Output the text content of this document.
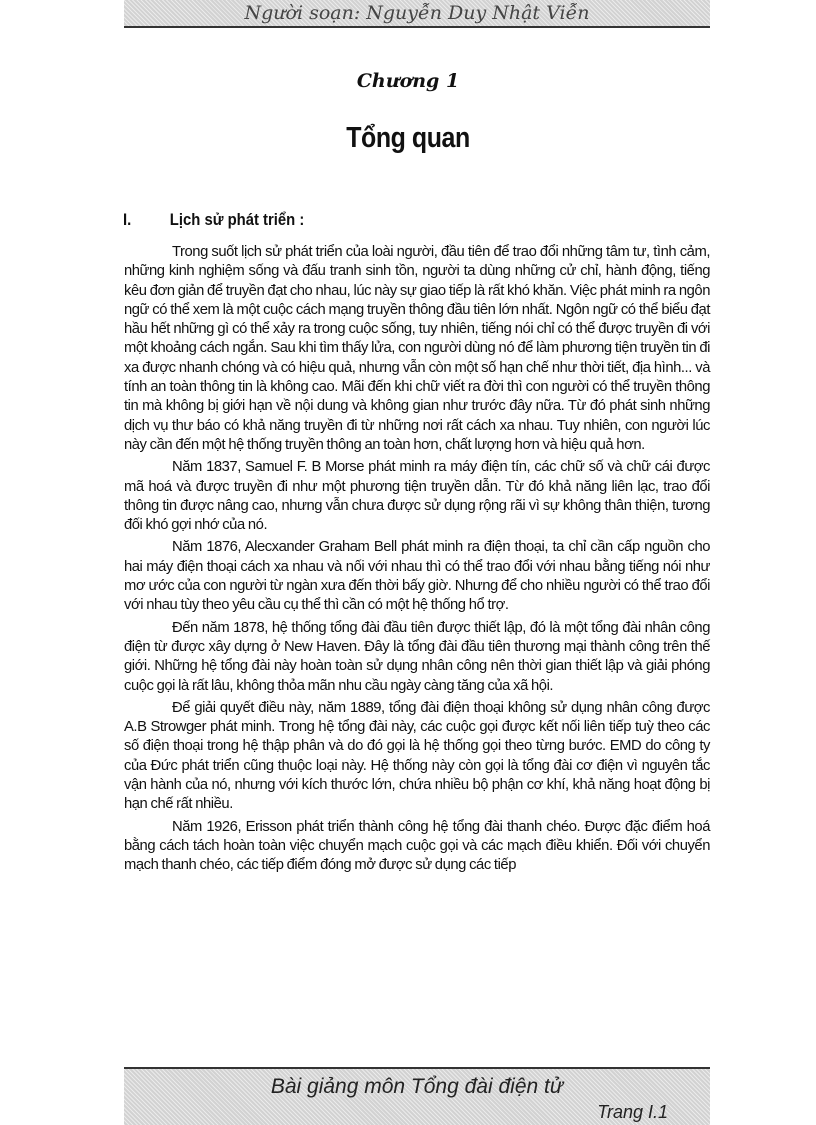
Người soạn: Nguyễn Duy Nhật Viễn
Chương 1
Tổng quan
I. Lịch sử phát triển :

Trong suốt lịch sử phát triển của loài người, đầu tiên để trao đổi những tâm tư, tình cảm, những kinh nghiệm sống và đấu tranh sinh tồn, người ta dùng những cử chỉ, hành động, tiếng kêu đơn giản để truyền đạt cho nhau, lúc này sự giao tiếp là rất khó khăn. Việc phát minh ra ngôn ngữ có thể xem là một cuộc cách mạng truyền thông đầu tiên lớn nhất. Ngôn ngữ có thể biểu đạt hầu hết những gì có thể xảy ra trong cuộc sống, tuy nhiên, tiếng nói chỉ có thể được truyền đi với một khoảng cách ngắn. Sau khi tìm thấy lửa, con người dùng nó để làm phương tiện truyền tin đi xa được nhanh chóng và có hiệu quả, nhưng vẫn còn một số hạn chế như thời tiết, địa hình... và tính an toàn thông tin là không cao. Mãi đến khi chữ viết ra đời thì con người có thể truyền thông tin mà không bị giới hạn về nội dung và không gian như trước đây nữa. Từ đó phát sinh những dịch vụ thư báo có khả năng truyền đi từ những nơi rất cách xa nhau. Tuy nhiên, con người lúc này cần đến một hệ thống truyền thông an toàn hơn, chất lượng hơn và hiệu quả hơn.

Năm 1837, Samuel F. B Morse phát minh ra máy điện tín, các chữ số và chữ cái được mã hoá và được truyền đi như một phương tiện truyền dẫn. Từ đó khả năng liên lạc, trao đổi thông tin được nâng cao, nhưng vẫn chưa được sử dụng rộng rãi vì sự không thân thiện, tương đối khó gợi nhớ của nó.

Năm 1876, Alecxander Graham Bell phát minh ra điện thoại, ta chỉ cần cấp nguồn cho hai máy điện thoại cách xa nhau và nối với nhau thì có thể trao đổi với nhau bằng tiếng nói như mơ ước của con người từ ngàn xưa đến thời bấy giờ. Nhưng để cho nhiều người có thể trao đổi với nhau tùy theo yêu cầu cụ thể thì cần có một hệ thống hổ trợ.

Đến năm 1878, hệ thống tổng đài đầu tiên được thiết lập, đó là một tổng đài nhân công điện từ được xây dựng ở New Haven. Đây là tổng đài đầu tiên thương mại thành công trên thế giới. Những hệ tổng đài này hoàn toàn sử dụng nhân công nên thời gian thiết lập và giải phóng cuộc gọi là rất lâu, không thỏa mãn nhu cầu ngày càng tăng của xã hội.

Để giải quyết điều này, năm 1889, tổng đài điện thoại không sử dụng nhân công được A.B Strowger phát minh. Trong hệ tổng đài này, các cuộc gọi được kết nối liên tiếp tuỳ theo các số điện thoại trong hệ thập phân và do đó gọi là hệ thống gọi theo từng bước. EMD do công ty của Đức phát triển cũng thuộc loại này. Hệ thống này còn gọi là tổng đài cơ điện vì nguyên tắc vận hành của nó, nhưng với kích thước lớn, chứa nhiều bộ phận cơ khí, khả năng hoạt động bị hạn chế rất nhiều.

Năm 1926, Erisson phát triển thành công hệ tổng đài thanh chéo. Được đặc điểm hoá bằng cách tách hoàn toàn việc chuyển mạch cuộc gọi và các mạch điều khiển. Đối với chuyển mạch thanh chéo, các tiếp điểm đóng mở được sử dụng các tiếp

Bài giảng môn Tổng đài điện tử
Trang I.1
